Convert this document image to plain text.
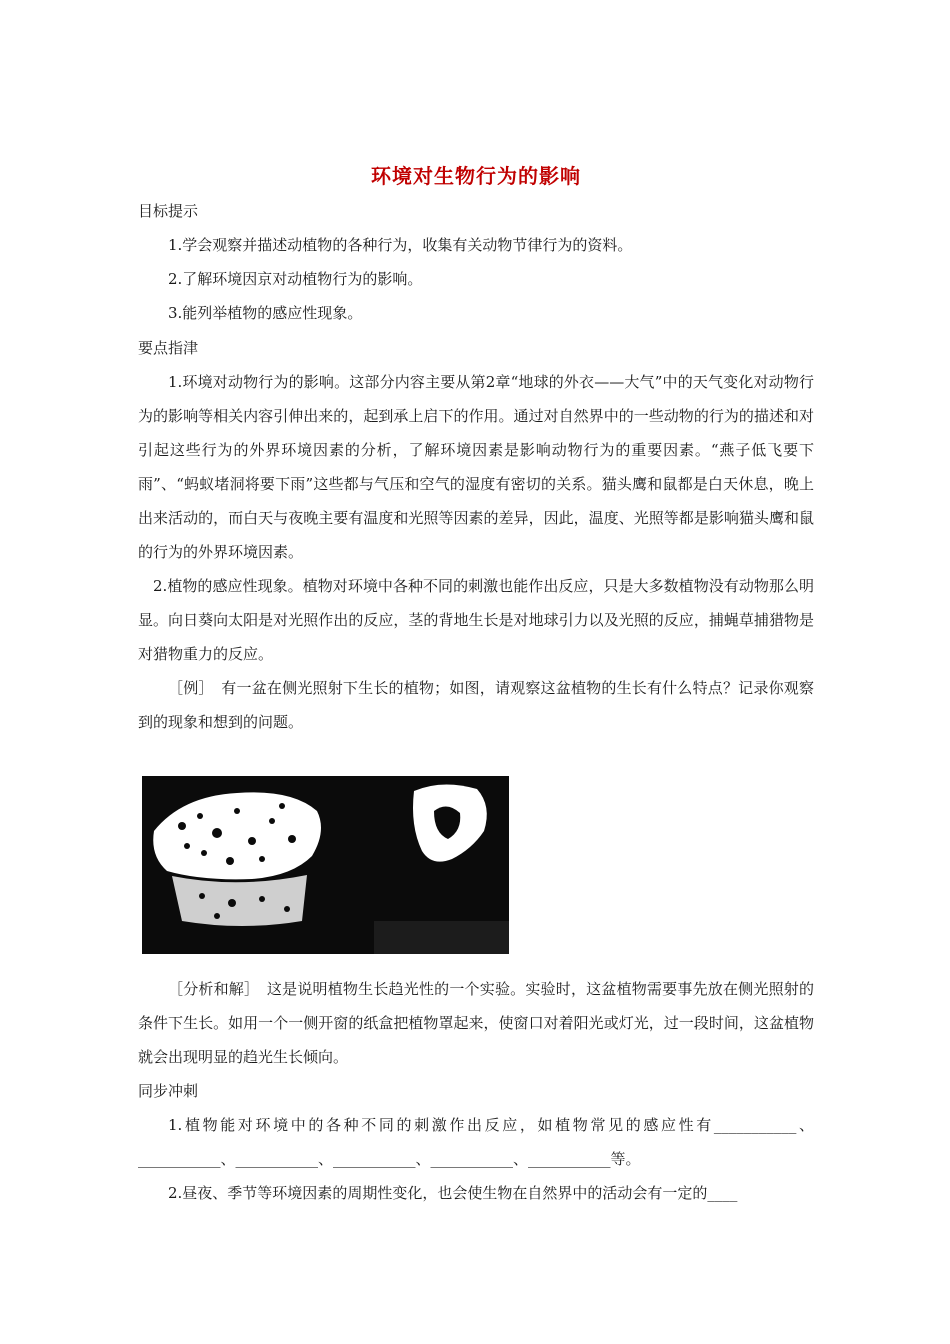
环境对生物行为的影响

目标提示

1.学会观察并描述动植物的各种行为，收集有关动物节律行为的资料。

2.了解环境因京对动植物行为的影响。

3.能列举植物的感应性现象。

要点指津

1.环境对动物行为的影响。这部分内容主要从第2章“地球的外衣——大气”中的天气变化对动物行为的影响等相关内容引伸出来的，起到承上启下的作用。通过对自然界中的一些动物的行为的描述和对引起这些行为的外界环境因素的分析，了解环境因素是影响动物行为的重要因素。“燕子低飞要下雨”、“蚂蚁堵洞将要下雨”这些都与气压和空气的湿度有密切的关系。猫头鹰和鼠都是白天休息，晚上出来活动的，而白天与夜晚主要有温度和光照等因素的差异，因此，温度、光照等都是影响猫头鹰和鼠的行为的外界环境因素。

2.植物的感应性现象。植物对环境中各种不同的刺激也能作出反应，只是大多数植物没有动物那么明显。向日葵向太阳是对光照作出的反应，茎的背地生长是对地球引力以及光照的反应，捕蝇草捕猎物是对猎物重力的反应。

［例］　有一盆在侧光照射下生长的植物；如图，请观察这盆植物的生长有什么特点？记录你观察到的现象和想到的问题。

［分析和解］　这是说明植物生长趋光性的一个实验。实验时，这盆植物需要事先放在侧光照射的条件下生长。如用一个一侧开窗的纸盒把植物罩起来，使窗口对着阳光或灯光，过一段时间，这盆植物就会出现明显的趋光生长倾向。

同步冲刺

1.植物能对环境中的各种不同的刺激作出反应，如植物常见的感应性有___________、___________、___________、___________、___________、___________等。

2.昼夜、季节等环境因素的周期性变化，也会使生物在自然界中的活动会有一定的____
